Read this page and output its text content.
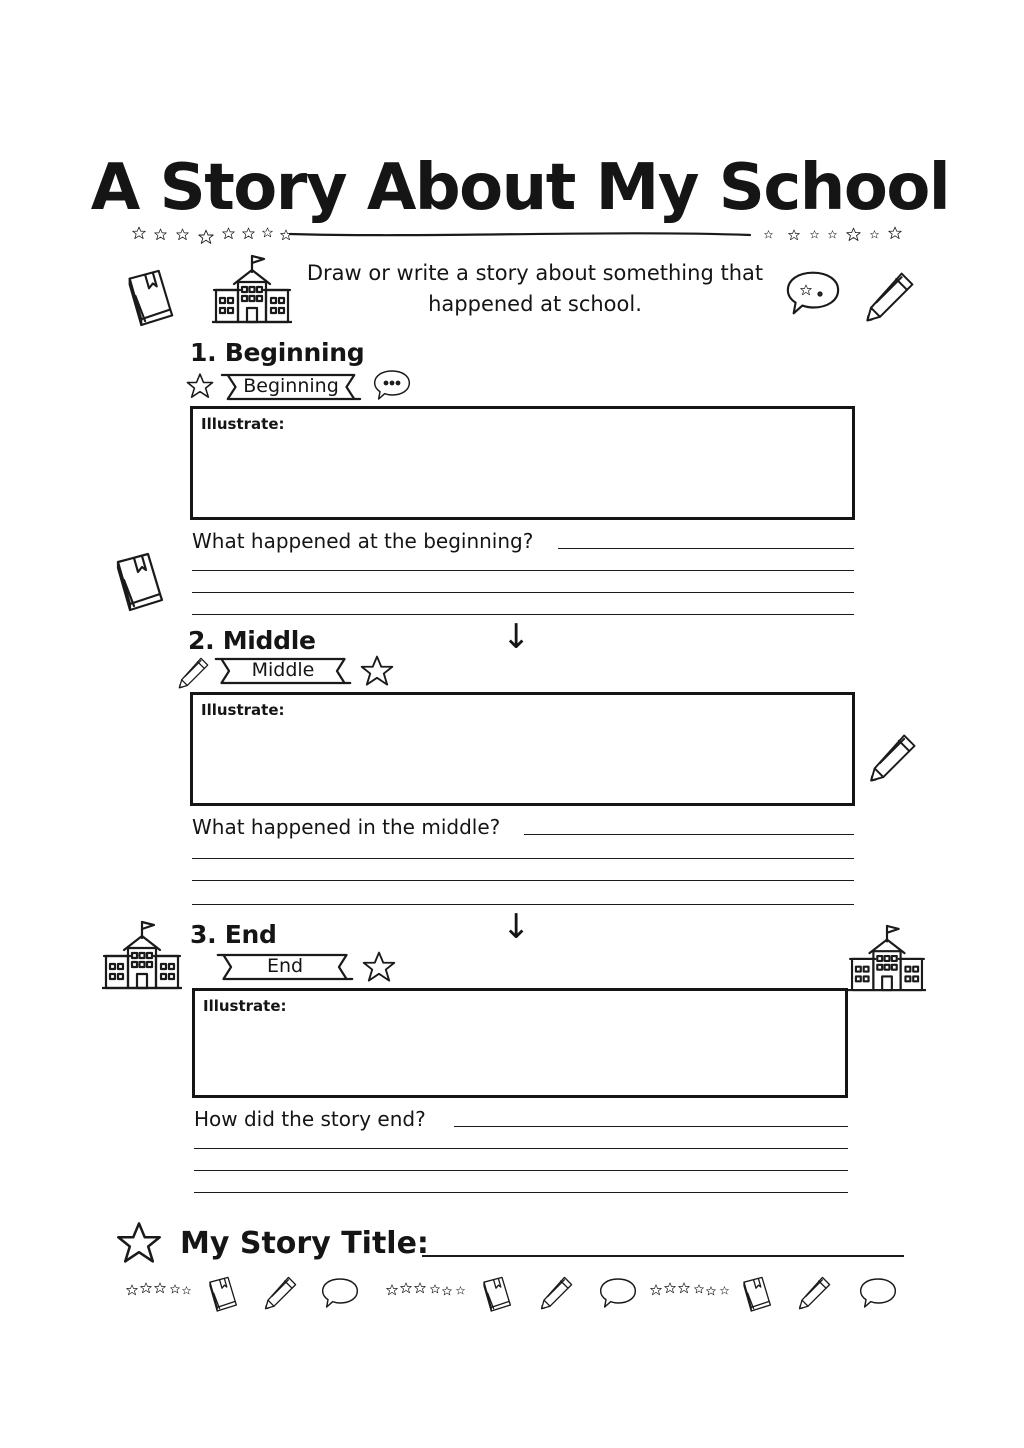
A Story About My School
Draw or write a story about something that happened at school.
1. Beginning
Beginning
Illustrate:
What happened at the beginning?
↓
2. Middle
Middle
Illustrate:
What happened in the middle?
↓
3. End
End
Illustrate:
How did the story end?
My Story Title:
